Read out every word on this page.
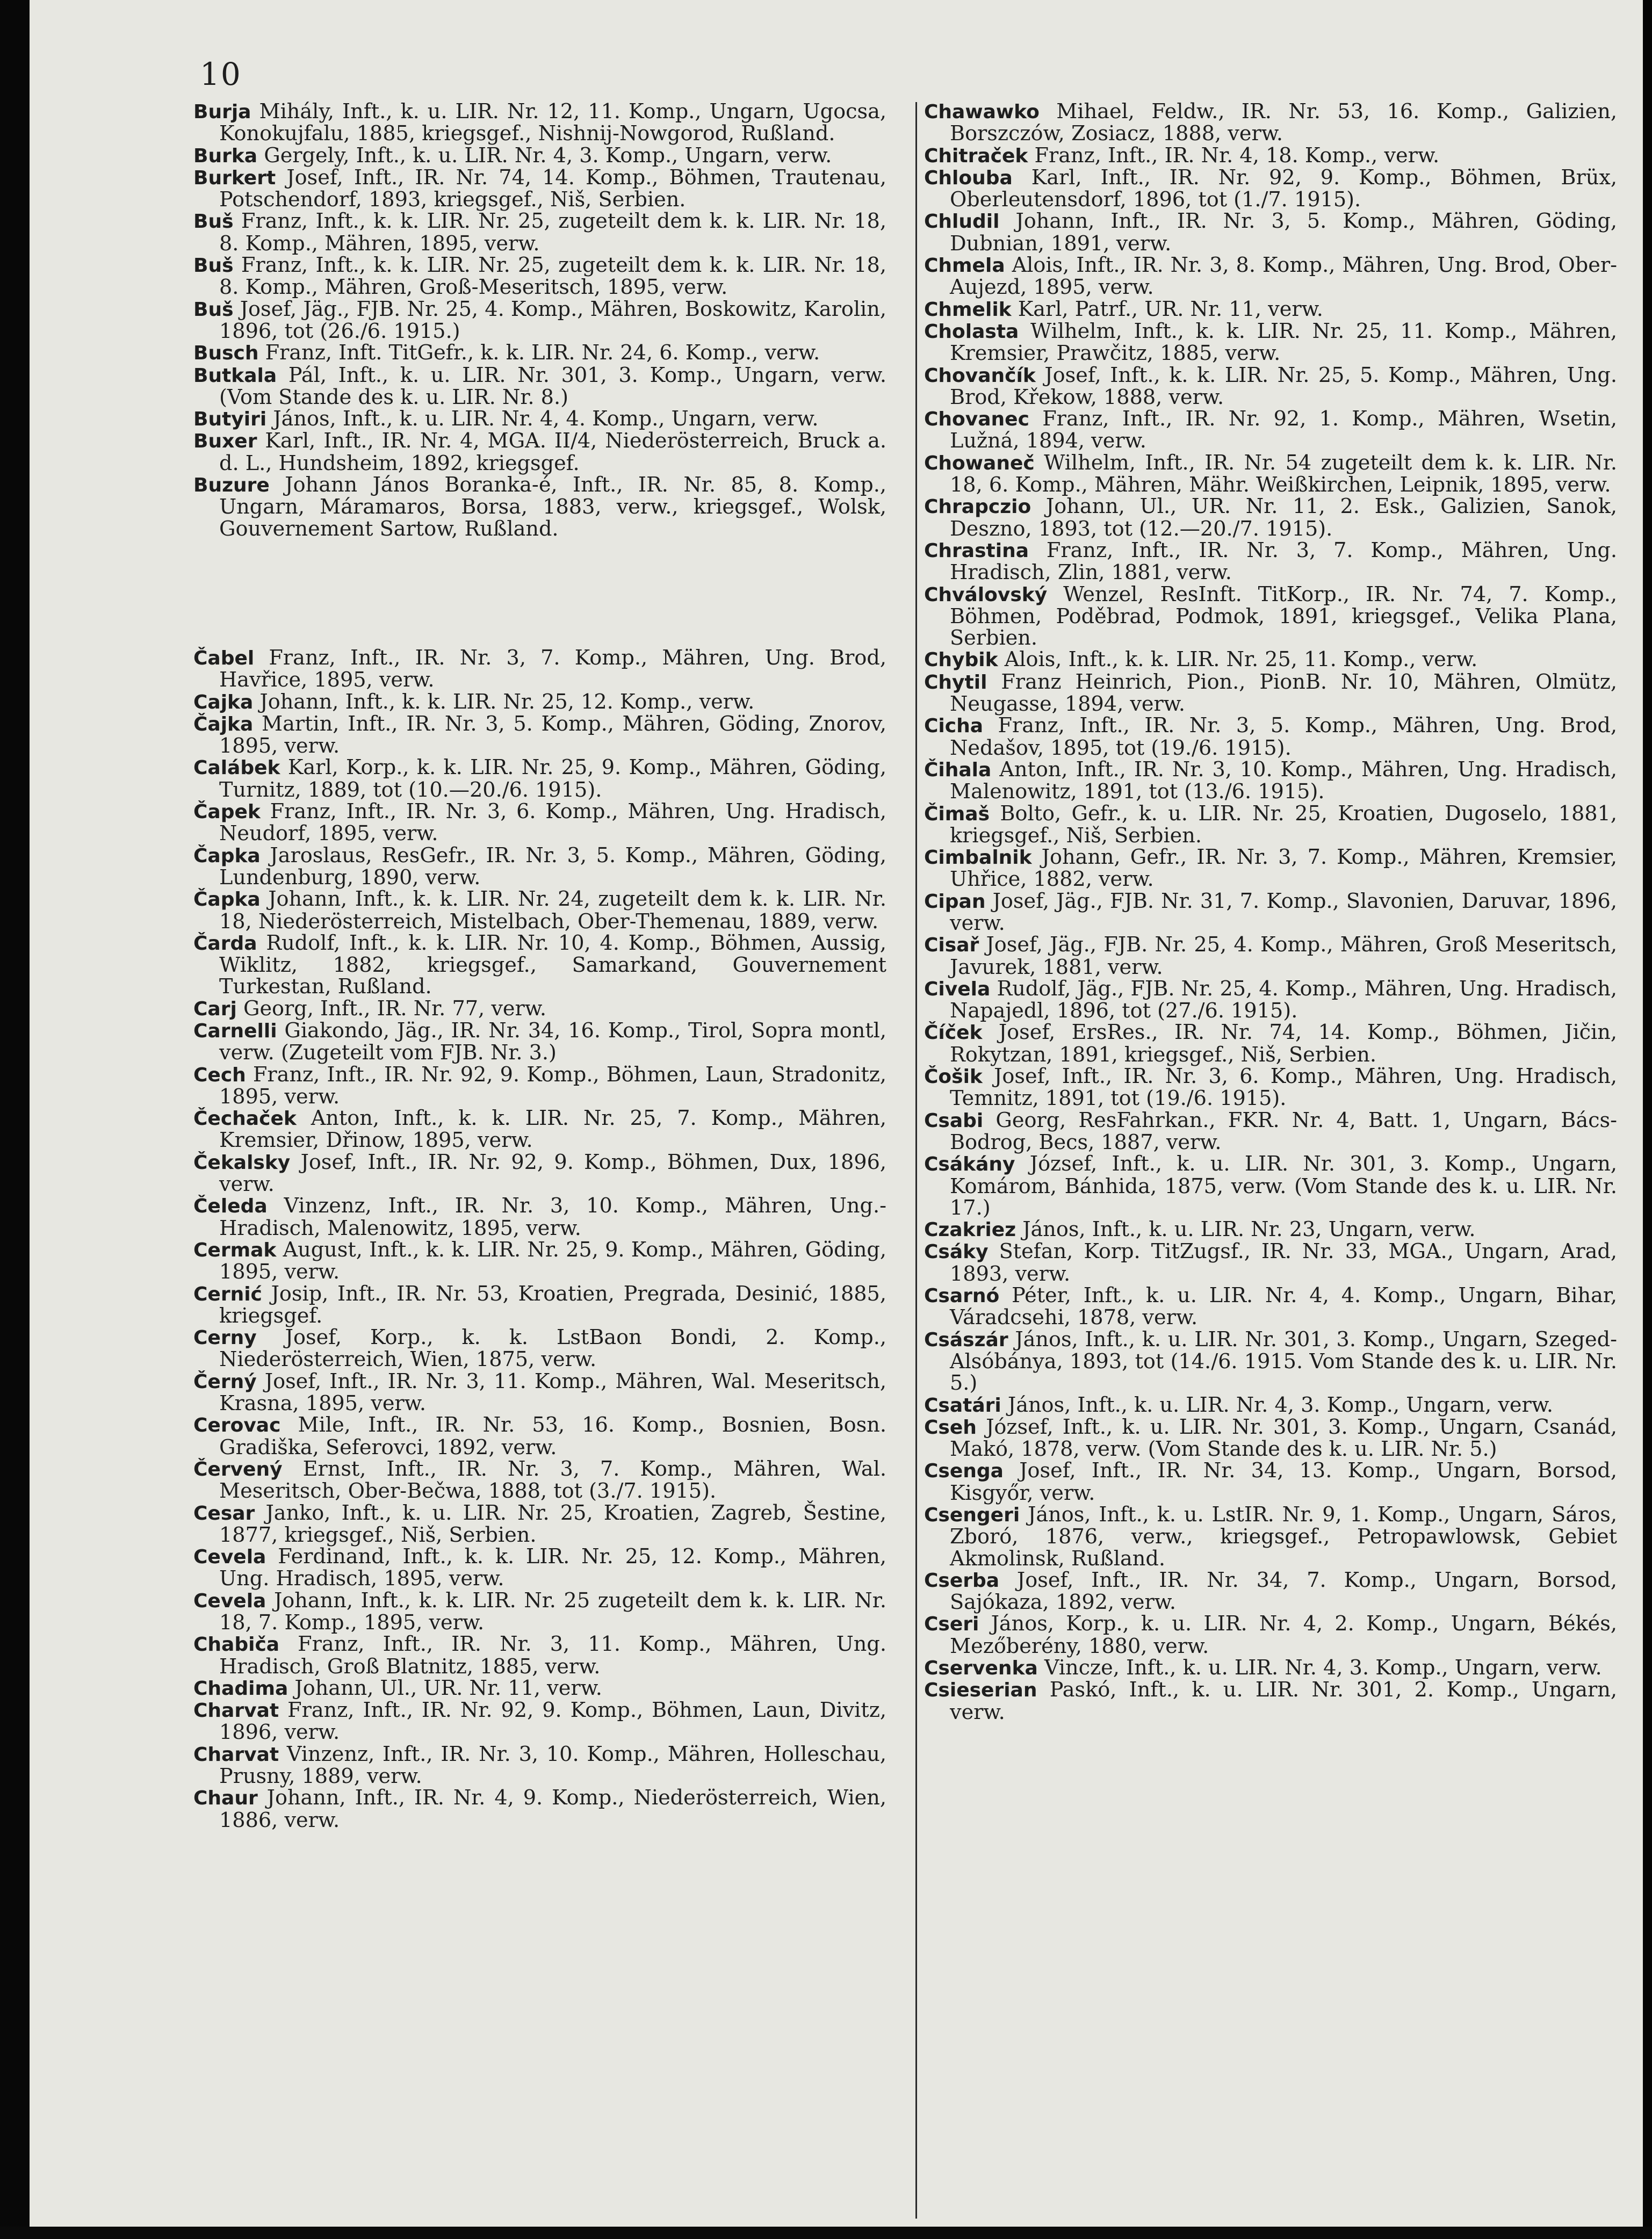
10
Burja Mihály, Inft., k. u. LIR. Nr. 12, 11. Komp., Ungarn, Ugocsa, Konokujfalu, 1885, kriegsgef., Nishnij-Nowgorod, Rußland.
Burka Gergely, Inft., k. u. LIR. Nr. 4, 3. Komp., Ungarn, verw.
Burkert Josef, Inft., IR. Nr. 74, 14. Komp., Böhmen, Trautenau, Potschendorf, 1893, kriegsgef., Niš, Serbien.
Buš Franz, Inft., k. k. LIR. Nr. 25, zugeteilt dem k. k. LIR. Nr. 18, 8. Komp., Mähren, 1895, verw.
Buš Franz, Inft., k. k. LIR. Nr. 25, zugeteilt dem k. k. LIR. Nr. 18, 8. Komp., Mähren, Groß-Meseritsch, 1895, verw.
Buš Josef, Jäg., FJB. Nr. 25, 4. Komp., Mähren, Boskowitz, Karolin, 1896, tot (26./6. 1915.)
Busch Franz, Inft. TitGefr., k. k. LIR. Nr. 24, 6. Komp., verw.
Butkala Pál, Inft., k. u. LIR. Nr. 301, 3. Komp., Ungarn, verw. (Vom Stande des k. u. LIR. Nr. 8.)
Butyiri János, Inft., k. u. LIR. Nr. 4, 4. Komp., Ungarn, verw.
Buxer Karl, Inft., IR. Nr. 4, MGA. II/4, Niederösterreich, Bruck a. d. L., Hundsheim, 1892, kriegsgef.
Buzure Johann János Boranka-é, Inft., IR. Nr. 85, 8. Komp., Ungarn, Máramaros, Borsa, 1883, verw., kriegsgef., Wolsk, Gouvernement Sartow, Rußland.
Čabel Franz, Inft., IR. Nr. 3, 7. Komp., Mähren, Ung. Brod, Havřice, 1895, verw.
Cajka Johann, Inft., k. k. LIR. Nr. 25, 12. Komp., verw.
Čajka Martin, Inft., IR. Nr. 3, 5. Komp., Mähren, Göding, Znorov, 1895, verw.
Calábek Karl, Korp., k. k. LIR. Nr. 25, 9. Komp., Mähren, Göding, Turnitz, 1889, tot (10.—20./6. 1915).
Čapek Franz, Inft., IR. Nr. 3, 6. Komp., Mähren, Ung. Hradisch, Neudorf, 1895, verw.
Čapka Jaroslaus, ResGefr., IR. Nr. 3, 5. Komp., Mähren, Göding, Lundenburg, 1890, verw.
Čapka Johann, Inft., k. k. LIR. Nr. 24, zugeteilt dem k. k. LIR. Nr. 18, Niederösterreich, Mistelbach, Ober-Themenau, 1889, verw.
Čarda Rudolf, Inft., k. k. LIR. Nr. 10, 4. Komp., Böhmen, Aussig, Wiklitz, 1882, kriegsgef., Samarkand, Gouvernement Turkestan, Rußland.
Carj Georg, Inft., IR. Nr. 77, verw.
Carnelli Giakondo, Jäg., IR. Nr. 34, 16. Komp., Tirol, Sopra montl, verw. (Zugeteilt vom FJB. Nr. 3.)
Cech Franz, Inft., IR. Nr. 92, 9. Komp., Böhmen, Laun, Stradonitz, 1895, verw.
Čechaček Anton, Inft., k. k. LIR. Nr. 25, 7. Komp., Mähren, Kremsier, Dřinow, 1895, verw.
Čekalsky Josef, Inft., IR. Nr. 92, 9. Komp., Böhmen, Dux, 1896, verw.
Čeleda Vinzenz, Inft., IR. Nr. 3, 10. Komp., Mähren, Ung.-Hradisch, Malenowitz, 1895, verw.
Cermak August, Inft., k. k. LIR. Nr. 25, 9. Komp., Mähren, Göding, 1895, verw.
Cernić Josip, Inft., IR. Nr. 53, Kroatien, Pregrada, Desinić, 1885, kriegsgef.
Cerny Josef, Korp., k. k. LstBaon Bondi, 2. Komp., Niederösterreich, Wien, 1875, verw.
Černý Josef, Inft., IR. Nr. 3, 11. Komp., Mähren, Wal. Meseritsch, Krasna, 1895, verw.
Cerovac Mile, Inft., IR. Nr. 53, 16. Komp., Bosnien, Bosn. Gradiška, Seferovci, 1892, verw.
Červený Ernst, Inft., IR. Nr. 3, 7. Komp., Mähren, Wal. Meseritsch, Ober-Bečwa, 1888, tot (3./7. 1915).
Cesar Janko, Inft., k. u. LIR. Nr. 25, Kroatien, Zagreb, Šestine, 1877, kriegsgef., Niš, Serbien.
Cevela Ferdinand, Inft., k. k. LIR. Nr. 25, 12. Komp., Mähren, Ung. Hradisch, 1895, verw.
Cevela Johann, Inft., k. k. LIR. Nr. 25 zugeteilt dem k. k. LIR. Nr. 18, 7. Komp., 1895, verw.
Chabiča Franz, Inft., IR. Nr. 3, 11. Komp., Mähren, Ung. Hradisch, Groß Blatnitz, 1885, verw.
Chadima Johann, Ul., UR. Nr. 11, verw.
Charvat Franz, Inft., IR. Nr. 92, 9. Komp., Böhmen, Laun, Divitz, 1896, verw.
Charvat Vinzenz, Inft., IR. Nr. 3, 10. Komp., Mähren, Holleschau, Prusny, 1889, verw.
Chaur Johann, Inft., IR. Nr. 4, 9. Komp., Niederösterreich, Wien, 1886, verw.
Chawawko Mihael, Feldw., IR. Nr. 53, 16. Komp., Galizien, Borszczów, Zosiacz, 1888, verw.
Chitraček Franz, Inft., IR. Nr. 4, 18. Komp., verw.
Chlouba Karl, Inft., IR. Nr. 92, 9. Komp., Böhmen, Brüx, Oberleutensdorf, 1896, tot (1./7. 1915).
Chludil Johann, Inft., IR. Nr. 3, 5. Komp., Mähren, Göding, Dubnian, 1891, verw.
Chmela Alois, Inft., IR. Nr. 3, 8. Komp., Mähren, Ung. Brod, Ober-Aujezd, 1895, verw.
Chmelik Karl, Patrf., UR. Nr. 11, verw.
Cholasta Wilhelm, Inft., k. k. LIR. Nr. 25, 11. Komp., Mähren, Kremsier, Prawčitz, 1885, verw.
Chovančík Josef, Inft., k. k. LIR. Nr. 25, 5. Komp., Mähren, Ung. Brod, Křekow, 1888, verw.
Chovanec Franz, Inft., IR. Nr. 92, 1. Komp., Mähren, Wsetin, Lužná, 1894, verw.
Chowaneč Wilhelm, Inft., IR. Nr. 54 zugeteilt dem k. k. LIR. Nr. 18, 6. Komp., Mähren, Mähr. Weißkirchen, Leipnik, 1895, verw.
Chrapczio Johann, Ul., UR. Nr. 11, 2. Esk., Galizien, Sanok, Deszno, 1893, tot (12.—20./7. 1915).
Chrastina Franz, Inft., IR. Nr. 3, 7. Komp., Mähren, Ung. Hradisch, Zlin, 1881, verw.
Chválovský Wenzel, ResInft. TitKorp., IR. Nr. 74, 7. Komp., Böhmen, Poděbrad, Podmok, 1891, kriegsgef., Velika Plana, Serbien.
Chybik Alois, Inft., k. k. LIR. Nr. 25, 11. Komp., verw.
Chytil Franz Heinrich, Pion., PionB. Nr. 10, Mähren, Olmütz, Neugasse, 1894, verw.
Cicha Franz, Inft., IR. Nr. 3, 5. Komp., Mähren, Ung. Brod, Nedašov, 1895, tot (19./6. 1915).
Čihala Anton, Inft., IR. Nr. 3, 10. Komp., Mähren, Ung. Hradisch, Malenowitz, 1891, tot (13./6. 1915).
Čimaš Bolto, Gefr., k. u. LIR. Nr. 25, Kroatien, Dugoselo, 1881, kriegsgef., Niš, Serbien.
Cimbalnik Johann, Gefr., IR. Nr. 3, 7. Komp., Mähren, Kremsier, Uhřice, 1882, verw.
Cipan Josef, Jäg., FJB. Nr. 31, 7. Komp., Slavonien, Daruvar, 1896, verw.
Cisař Josef, Jäg., FJB. Nr. 25, 4. Komp., Mähren, Groß Meseritsch, Javurek, 1881, verw.
Civela Rudolf, Jäg., FJB. Nr. 25, 4. Komp., Mähren, Ung. Hradisch, Napajedl, 1896, tot (27./6. 1915).
Číček Josef, ErsRes., IR. Nr. 74, 14. Komp., Böhmen, Jičin, Rokytzan, 1891, kriegsgef., Niš, Serbien.
Čošik Josef, Inft., IR. Nr. 3, 6. Komp., Mähren, Ung. Hradisch, Temnitz, 1891, tot (19./6. 1915).
Csabi Georg, ResFahrkan., FKR. Nr. 4, Batt. 1, Ungarn, Bács-Bodrog, Becs, 1887, verw.
Csákány József, Inft., k. u. LIR. Nr. 301, 3. Komp., Ungarn, Komárom, Bánhida, 1875, verw. (Vom Stande des k. u. LIR. Nr. 17.)
Czakriez János, Inft., k. u. LIR. Nr. 23, Ungarn, verw.
Csáky Stefan, Korp. TitZugsf., IR. Nr. 33, MGA., Ungarn, Arad, 1893, verw.
Csarnó Péter, Inft., k. u. LIR. Nr. 4, 4. Komp., Ungarn, Bihar, Váradcsehi, 1878, verw.
Császár János, Inft., k. u. LIR. Nr. 301, 3. Komp., Ungarn, Szeged-Alsóbánya, 1893, tot (14./6. 1915. Vom Stande des k. u. LIR. Nr. 5.)
Csatári János, Inft., k. u. LIR. Nr. 4, 3. Komp., Ungarn, verw.
Cseh József, Inft., k. u. LIR. Nr. 301, 3. Komp., Ungarn, Csanád, Makó, 1878, verw. (Vom Stande des k. u. LIR. Nr. 5.)
Csenga Josef, Inft., IR. Nr. 34, 13. Komp., Ungarn, Borsod, Kisgyőr, verw.
Csengeri János, Inft., k. u. LstIR. Nr. 9, 1. Komp., Ungarn, Sáros, Zboró, 1876, verw., kriegsgef., Petropawlowsk, Gebiet Akmolinsk, Rußland.
Cserba Josef, Inft., IR. Nr. 34, 7. Komp., Ungarn, Borsod, Sajókaza, 1892, verw.
Cseri János, Korp., k. u. LIR. Nr. 4, 2. Komp., Ungarn, Békés, Mezőberény, 1880, verw.
Cservenka Vincze, Inft., k. u. LIR. Nr. 4, 3. Komp., Ungarn, verw.
Csieserian Paskó, Inft., k. u. LIR. Nr. 301, 2. Komp., Ungarn, verw.
